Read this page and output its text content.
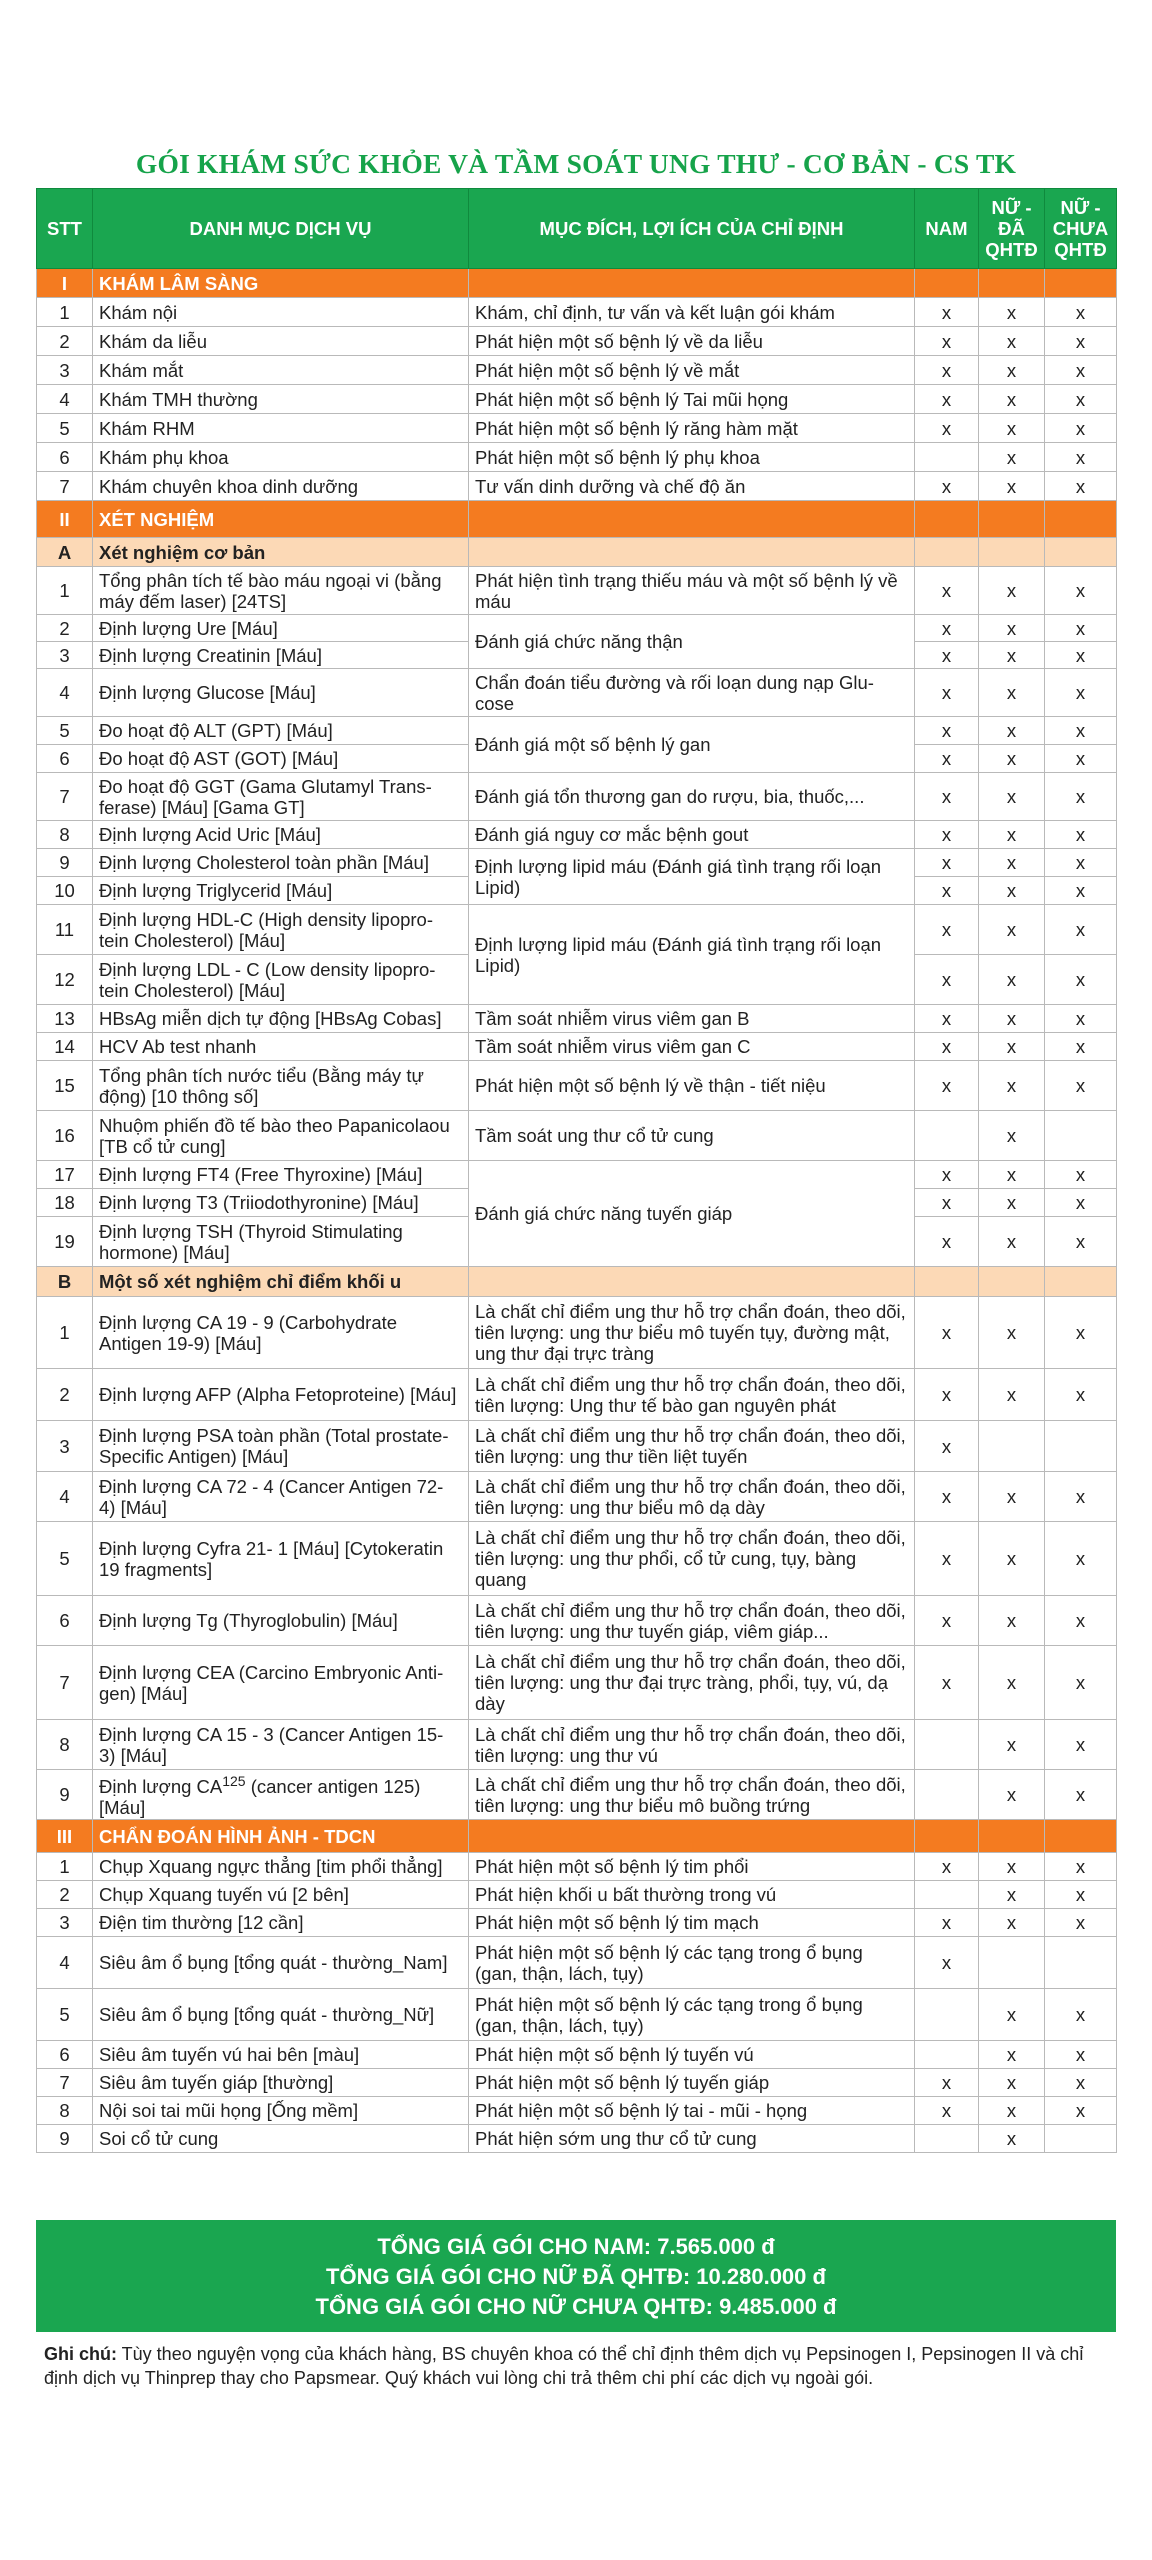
GÓI KHÁM SỨC KHỎE VÀ TẦM SOÁT UNG THƯ - CƠ BẢN - CS TK
STT	DANH MỤC DỊCH VỤ	MỤC ĐÍCH, LỢI ÍCH CỦA CHỈ ĐỊNH	NAM	NỮ - ĐÃ QHTĐ	NỮ - CHƯA QHTĐ
I	KHÁM LÂM SÀNG				
1	Khám nội	Khám, chỉ định, tư vấn và kết luận gói khám	x	x	x
2	Khám da liễu	Phát hiện một số bệnh lý về da liễu	x	x	x
3	Khám mắt	Phát hiện một số bệnh lý về mắt	x	x	x
4	Khám TMH thường	Phát hiện một số bệnh lý Tai mũi họng	x	x	x
5	Khám RHM	Phát hiện một số bệnh lý răng hàm mặt	x	x	x
6	Khám phụ khoa	Phát hiện một số bệnh lý phụ khoa		x	x
7	Khám chuyên khoa dinh dưỡng	Tư vấn dinh dưỡng và chế độ ăn	x	x	x
II	XÉT NGHIỆM				
A	Xét nghiệm cơ bản				
1	Tổng phân tích tế bào máu ngoại vi (bằng máy đếm laser) [24TS]	Phát hiện tình trạng thiếu máu và một số bệnh lý về máu	x	x	x
2	Định lượng Ure [Máu]	Đánh giá chức năng thận	x	x	x
3	Định lượng Creatinin [Máu]		x	x	x
4	Định lượng Glucose [Máu]	Chẩn đoán tiểu đường và rối loạn dung nạp Glu-cose	x	x	x
5	Đo hoạt độ ALT (GPT) [Máu]	Đánh giá một số bệnh lý gan	x	x	x
6	Đo hoạt độ AST (GOT) [Máu]		x	x	x
7	Đo hoạt độ GGT (Gama Glutamyl Trans-ferase) [Máu] [Gama GT]	Đánh giá tổn thương gan do rượu, bia, thuốc,...	x	x	x
8	Định lượng Acid Uric [Máu]	Đánh giá nguy cơ mắc bệnh gout	x	x	x
9	Định lượng Cholesterol toàn phần [Máu]	Định lượng lipid máu (Đánh giá tình trạng rối loạn Lipid)	x	x	x
10	Định lượng Triglycerid [Máu]		x	x	x
11	Định lượng HDL-C (High density lipopro-tein Cholesterol) [Máu]	Định lượng lipid máu (Đánh giá tình trạng rối loạn Lipid)	x	x	x
12	Định lượng LDL - C (Low density lipopro-tein Cholesterol) [Máu]		x	x	x
13	HBsAg miễn dịch tự động [HBsAg Cobas]	Tầm soát nhiễm virus viêm gan B	x	x	x
14	HCV Ab test nhanh	Tầm soát nhiễm virus viêm gan C	x	x	x
15	Tổng phân tích nước tiểu (Bằng máy tự động) [10 thông số]	Phát hiện một số bệnh lý về thận - tiết niệu	x	x	x
16	Nhuộm phiến đồ tế bào theo Papanicolaou [TB cổ tử cung]	Tầm soát ung thư cổ tử cung		x	
17	Định lượng FT4 (Free Thyroxine) [Máu]	Đánh giá chức năng tuyến giáp	x	x	x
18	Định lượng T3 (Triiodothyronine) [Máu]		x	x	x
19	Định lượng TSH (Thyroid Stimulating hormone) [Máu]		x	x	x
B	Một số xét nghiệm chỉ điểm khối u				
1	Định lượng CA 19 - 9 (Carbohydrate Antigen 19-9) [Máu]	Là chất chỉ điểm ung thư hỗ trợ chẩn đoán, theo dõi, tiên lượng: ung thư biểu mô tuyến tụy, đường mật, ung thư đại trực tràng	x	x	x
2	Định lượng AFP (Alpha Fetoproteine) [Máu]	Là chất chỉ điểm ung thư hỗ trợ chẩn đoán, theo dõi, tiên lượng: Ung thư tế bào gan nguyên phát	x	x	x
3	Định lượng PSA toàn phần (Total prostate-Specific Antigen) [Máu]	Là chất chỉ điểm ung thư hỗ trợ chẩn đoán, theo dõi, tiên lượng: ung thư tiền liệt tuyến	x		
4	Định lượng CA 72 - 4 (Cancer Antigen 72- 4) [Máu]	Là chất chỉ điểm ung thư hỗ trợ chẩn đoán, theo dõi, tiên lượng: ung thư biểu mô dạ dày	x	x	x
5	Định lượng Cyfra 21- 1 [Máu] [Cytokeratin 19 fragments]	Là chất chỉ điểm ung thư hỗ trợ chẩn đoán, theo dõi, tiên lượng: ung thư phổi, cổ tử cung, tụy, bàng quang	x	x	x
6	Định lượng Tg (Thyroglobulin) [Máu]	Là chất chỉ điểm ung thư hỗ trợ chẩn đoán, theo dõi, tiên lượng: ung thư tuyến giáp, viêm giáp...	x	x	x
7	Định lượng CEA (Carcino Embryonic Anti-gen) [Máu]	Là chất chỉ điểm ung thư hỗ trợ chẩn đoán, theo dõi, tiên lượng: ung thư đại trực tràng, phổi, tụy, vú, dạ dày	x	x	x
8	Định lượng CA 15 - 3 (Cancer Antigen 15- 3) [Máu]	Là chất chỉ điểm ung thư hỗ trợ chẩn đoán, theo dõi, tiên lượng: ung thư vú		x	x
9	Định lượng CA$^{125}$ (cancer antigen 125) [Máu]	Là chất chỉ điểm ung thư hỗ trợ chẩn đoán, theo dõi, tiên lượng: ung thư biểu mô buồng trứng		x	x
III	CHẨN ĐOÁN HÌNH ẢNH - TDCN				
1	Chụp Xquang ngực thẳng [tim phổi thẳng]	Phát hiện một số bệnh lý tim phổi	x	x	x
2	Chụp Xquang tuyến vú [2 bên]	Phát hiện khối u bất thường trong vú		x	x
3	Điện tim thường [12 cần]	Phát hiện một số bệnh lý tim mạch	x	x	x
4	Siêu âm ổ bụng [tổng quát - thường_Nam]	Phát hiện một số bệnh lý các tạng trong ổ bụng (gan, thận, lách, tụy)	x		
5	Siêu âm ổ bụng [tổng quát - thường_Nữ]	Phát hiện một số bệnh lý các tạng trong ổ bụng (gan, thận, lách, tụy)		x	x
6	Siêu âm tuyến vú hai bên [màu]	Phát hiện một số bệnh lý tuyến vú		x	x
7	Siêu âm tuyến giáp [thường]	Phát hiện một số bệnh lý tuyến giáp	x	x	x
8	Nội soi tai mũi họng [Ống mềm]	Phát hiện một số bệnh lý tai - mũi - họng	x	x	x
9	Soi cổ tử cung	Phát hiện sớm ung thư cổ tử cung		x	
TỔNG GIÁ GÓI CHO NAM: 7.565.000 đ
TỔNG GIÁ GÓI CHO NỮ ĐÃ QHTĐ: 10.280.000 đ
TỔNG GIÁ GÓI CHO NỮ CHƯA QHTĐ: 9.485.000 đ
Ghi chú: Tùy theo nguyện vọng của khách hàng, BS chuyên khoa có thể chỉ định thêm dịch vụ Pepsinogen I, Pepsinogen II và chỉ định dịch vụ Thinprep thay cho Papsmear. Quý khách vui lòng chi trả thêm chi phí các dịch vụ ngoài gói.
